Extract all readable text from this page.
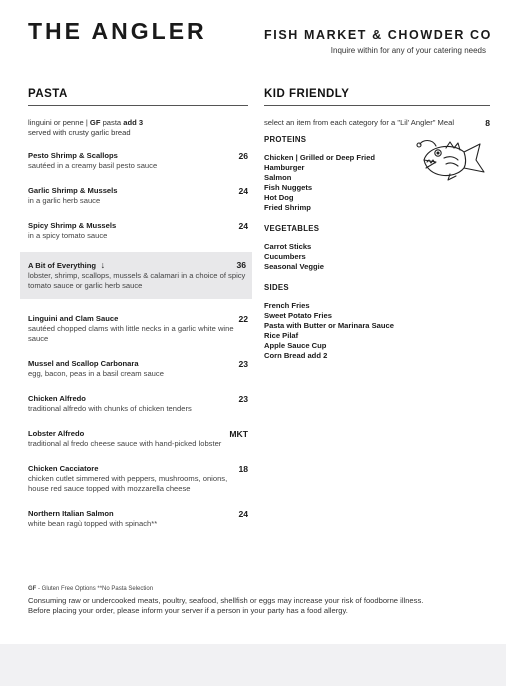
THE ANGLER	FISH MARKET & CHOWDER CO
Inquire within for any of your catering needs
PASTA
linguini or penne | GF pasta add 3
served with crusty garlic bread
Pesto Shrimp & Scallops	26
sautéed in a creamy basil pesto sauce
Garlic Shrimp & Mussels	24
in a garlic herb sauce
Spicy Shrimp & Mussels	24
in a spicy tomato sauce
A Bit of Everything ↓	36
lobster, shrimp, scallops, mussels & calamari in a choice of spicy tomato sauce or garlic herb sauce
Linguini and Clam Sauce	22
sautéed chopped clams with little necks in a garlic white wine sauce
Mussel and Scallop Carbonara	23
egg, bacon, peas in a basil cream sauce
Chicken Alfredo	23
traditional alfredo with chunks of chicken tenders
Lobster Alfredo	MKT
traditional al fredo cheese sauce with hand-picked lobster
Chicken Cacciatore	18
chicken cutlet simmered with peppers, mushrooms, onions, house red sauce topped with mozzarella cheese
Northern Italian Salmon	24
white bean ragù topped with spinach**
KID FRIENDLY
select an item from each category for a "Lil' Angler" Meal	8
PROTEINS
Chicken | Grilled or Deep Fried
Hamburger
Salmon
Fish Nuggets
Hot Dog
Fried Shrimp
VEGETABLES
Carrot Sticks
Cucumbers
Seasonal Veggie
SIDES
French Fries
Sweet Potato Fries
Pasta with Butter or Marinara Sauce
Rice Pilaf
Apple Sauce Cup
Corn Bread add 2
GF - Gluten Free Options **No Pasta Selection
Consuming raw or undercooked meats, poultry, seafood, shellfish or eggs may increase your risk of foodborne illness.
Before placing your order, please inform your server if a person in your party has a food allergy.
